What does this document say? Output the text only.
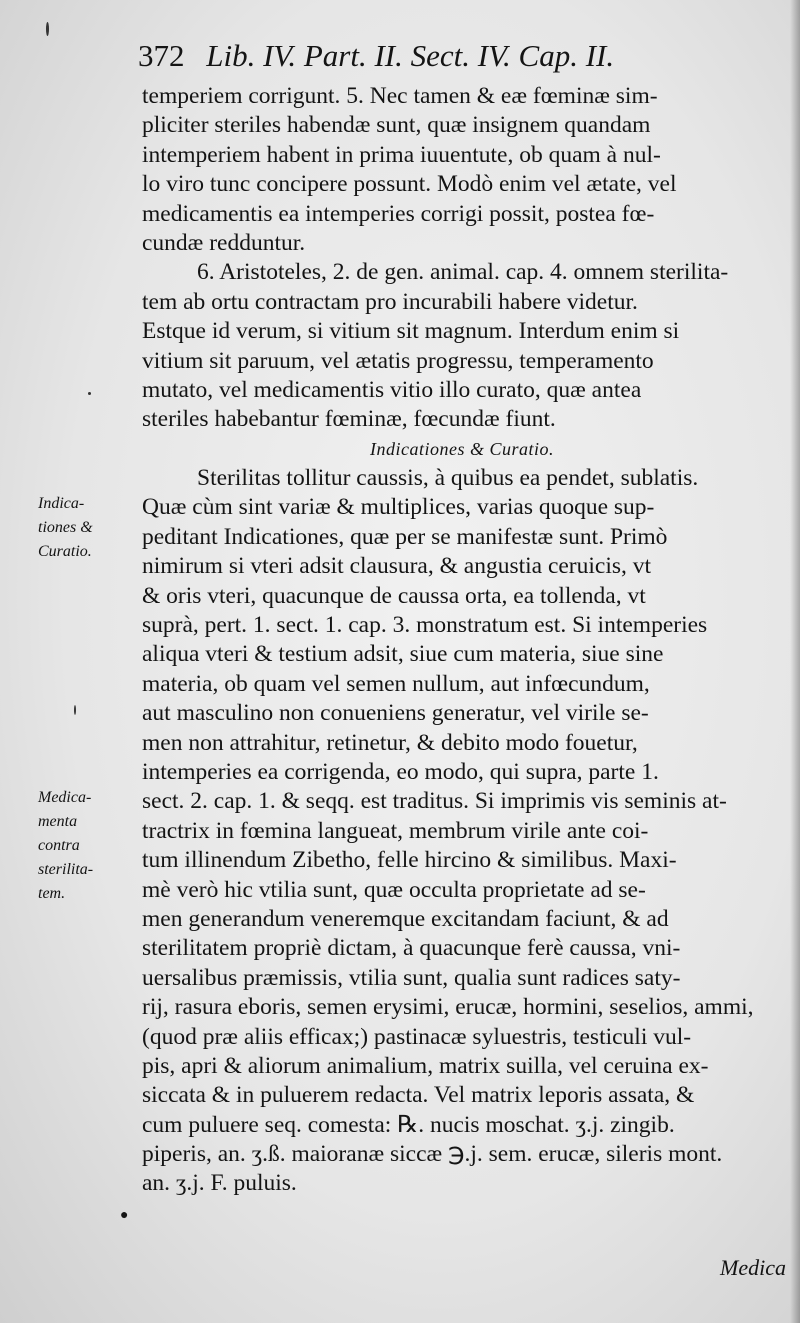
372 Lib. IV. Part. II. Sect. IV. Cap. II.
temperiem corrigunt. 5. Nec tamen & eæ fœminæ sim-
pliciter steriles habendæ sunt, quæ insignem quandam
intemperiem habent in prima iuuentute, ob quam à nul-
lo viro tunc concipere possunt. Modò enim vel ætate, vel
medicamentis ea intemperies corrigi possit, postea fœ-
cundæ redduntur.
6. Aristoteles, 2. de gen. animal. cap. 4. omnem sterilita-
tem ab ortu contractam pro incurabili habere videtur.
Estque id verum, si vitium sit magnum. Interdum enim si
vitium sit paruum, vel ætatis progressu, temperamento
mutato, vel medicamentis vitio illo curato, quæ antea
steriles habebantur fœminæ, fœcundæ fiunt.
Indicationes & Curatio.
Sterilitas tollitur caussis, à quibus ea pendet, sublatis.
Quæ cùm sint variæ & multiplices, varias quoque sup-
peditant Indicationes, quæ per se manifestæ sunt. Primò
nimirum si vteri adsit clausura, & angustia ceruicis, vt
& oris vteri, quacunque de caussa orta, ea tollenda, vt
suprà, pert. 1. sect. 1. cap. 3. monstratum est. Si intemperies
aliqua vteri & testium adsit, siue cum materia, siue sine
materia, ob quam vel semen nullum, aut infœcundum,
aut masculino non conueniens generatur, vel virile se-
men non attrahitur, retinetur, & debito modo fouetur,
intemperies ea corrigenda, eo modo, qui supra, parte 1.
sect. 2. cap. 1. & seqq. est traditus. Si imprimis vis seminis at-
tractrix in fœmina langueat, membrum virile ante coi-
tum illinendum Zibetho, felle hircino & similibus. Maxi-
mè verò hic vtilia sunt, quæ occulta proprietate ad se-
men generandum veneremque excitandam faciunt, & ad
sterilitatem propriè dictam, à quacunque ferè caussa, vni-
uersalibus præmissis, vtilia sunt, qualia sunt radices saty-
rij, rasura eboris, semen erysimi, erucæ, hormini, seselios, ammi,
(quod præ aliis efficax;) pastinacæ syluestris, testiculi vul-
pis, apri & aliorum animalium, matrix suilla, vel ceruina ex-
siccata & in puluerem redacta. Vel matrix leporis assata, &
cum puluere seq. comesta: ℞. nucis moschat. ʒ.j. zingib.
piperis, an. ʒ.ß. maioranæ siccæ ℈.j. sem. erucæ, sileris mont.
an. ʒ.j. F. puluis.
Indica-
tiones &
Curatio.
Medica-
menta
contra
sterilita-
tem.
●
Medica
